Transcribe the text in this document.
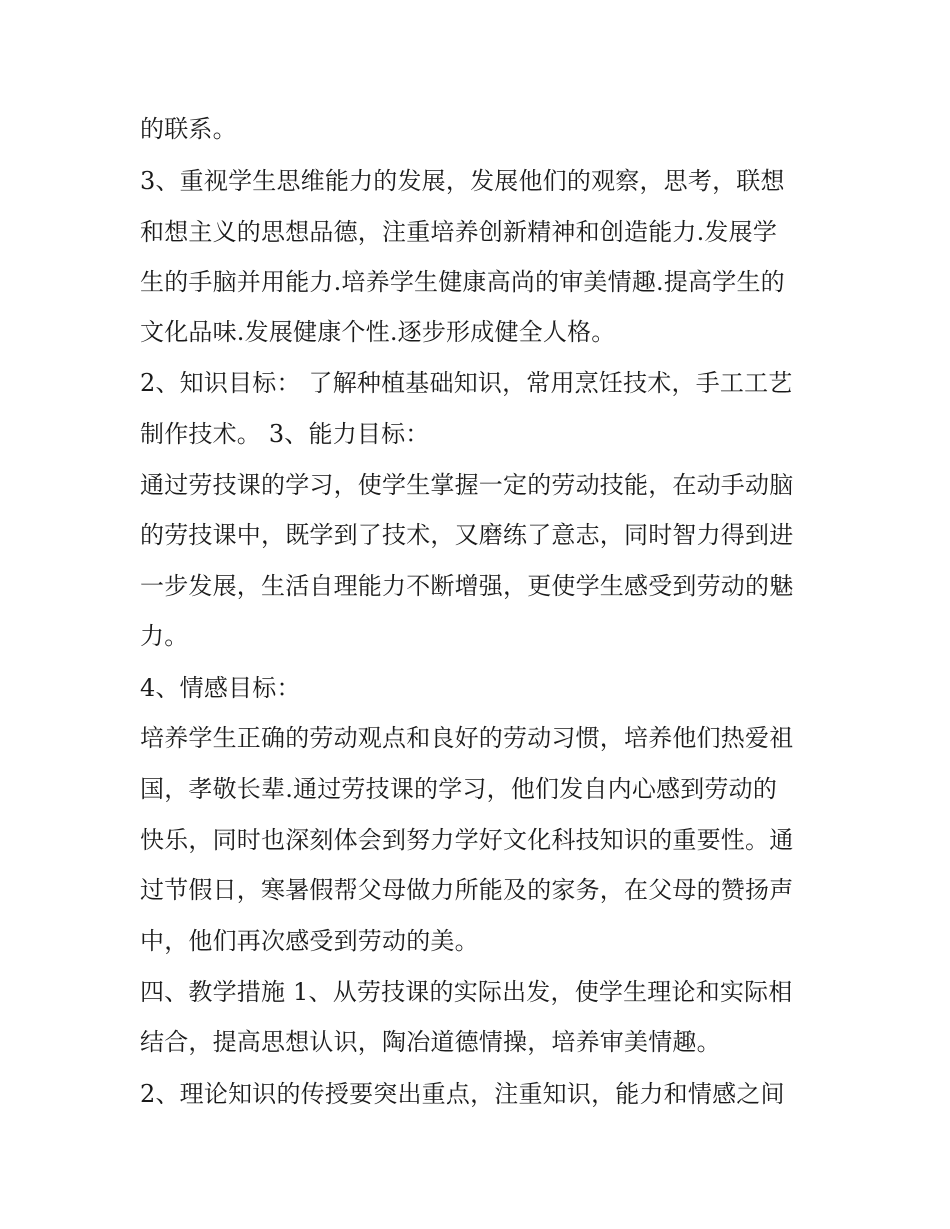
的联系。
3、重视学生思维能力的发展，发展他们的观察，思考，联想
和想主义的思想品德，注重培养创新精神和创造能力.发展学
生的手脑并用能力.培养学生健康高尚的审美情趣.提高学生的
文化品味.发展健康个性.逐步形成健全人格。
2、知识目标： 了解种植基础知识，常用烹饪技术，手工工艺
制作技术。 3、能力目标：
通过劳技课的学习，使学生掌握一定的劳动技能，在动手动脑
的劳技课中，既学到了技术，又磨练了意志，同时智力得到进
一步发展，生活自理能力不断增强，更使学生感受到劳动的魅
力。
4、情感目标：
培养学生正确的劳动观点和良好的劳动习惯，培养他们热爱祖
国，孝敬长辈.通过劳技课的学习，他们发自内心感到劳动的
快乐，同时也深刻体会到努力学好文化科技知识的重要性。通
过节假日，寒暑假帮父母做力所能及的家务，在父母的赞扬声
中，他们再次感受到劳动的美。
四、教学措施 1、从劳技课的实际出发，使学生理论和实际相
结合，提高思想认识，陶冶道德情操，培养审美情趣。
2、理论知识的传授要突出重点，注重知识，能力和情感之间
